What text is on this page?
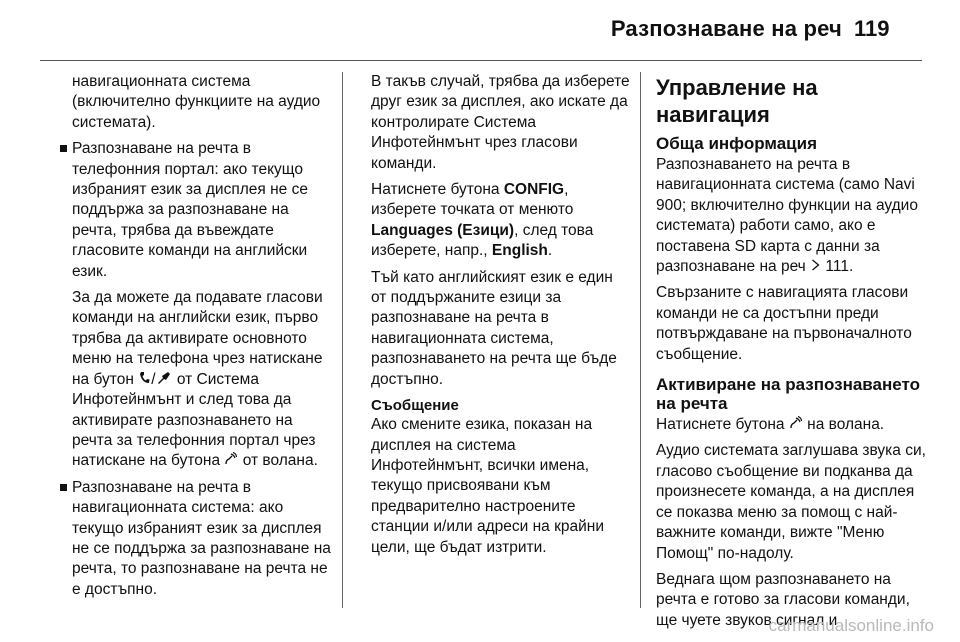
Разпознаване на реч 119

навигационната система (включително функциите на аудио системата).

Разпознаване на речта в телефонния портал: ако текущо избраният език за дисплея не се поддържа за разпознаване на речта, трябва да въвеждате гласовите команди на английски език.

За да можете да подавате гласови команди на английски език, първо трябва да активирате основното меню на телефона чрез натискане на бутон / от Система Инфотейнмънт и след това да активирате разпознаването на речта за телефонния портал чрез натискане на бутона от волана.

Разпознаване на речта в навигационната система: ако текущо избраният език за дисплея не се поддържа за разпознаване на речта, то разпознаване на речта не е достъпно.

В такъв случай, трябва да изберете друг език за дисплея, ако искате да контролирате Система Инфотейнмънт чрез гласови команди.

Натиснете бутона CONFIG, изберете точката от менюто Languages (Езици), след това изберете, напр., English.

Тъй като английският език е един от поддържаните езици за разпознаване на речта в навигационната система, разпознаването на речта ще бъде достъпно.

Съобщение

Ако смените езика, показан на дисплея на система Инфотейнмънт, всички имена, текущо присвоявани към предварително настроените станции и/или адреси на крайни цели, ще бъдат изтрити.

Управление на навигация
Обща информация

Разпознаването на речта в навигационната система (само Navi 900; включително функции на аудио системата) работи само, ако е поставена SD карта с данни за разпознаване на реч 111.

Свързаните с навигацията гласови команди не са достъпни преди потвърждаване на първоначалното съобщение.

Активиране на разпознаването на речта

Натиснете бутона на волана.

Аудио системата заглушава звука си, гласово съобщение ви подканва да произнесете команда, а на дисплея се показва меню за помощ с най-важните команди, вижте "Меню Помощ" по-надолу.

Веднага щом разпознаването на речта е готово за гласови команди, ще чуете звуков сигнал и

carmanualsonline.info
